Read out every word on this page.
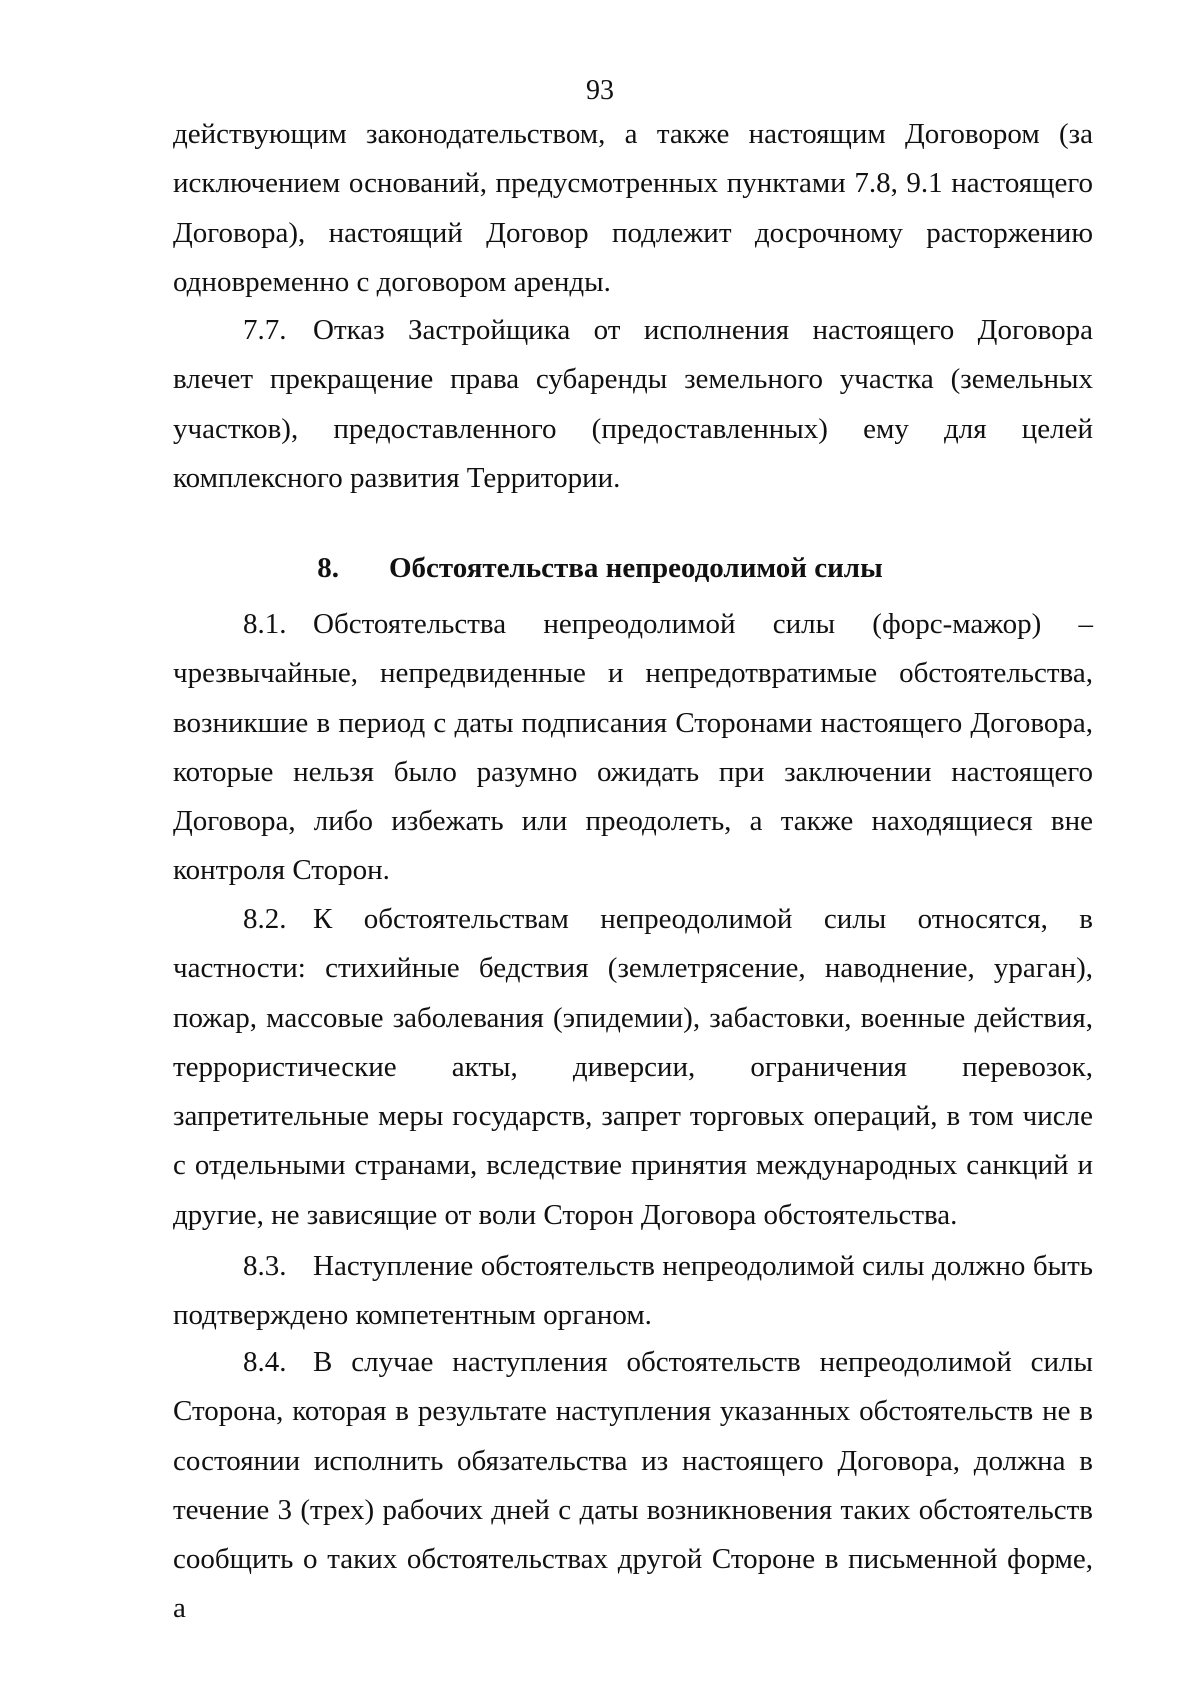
93

действующим законодательством, а также настоящим Договором (за исключением оснований, предусмотренных пунктами 7.8, 9.1 настоящего Договора), настоящий Договор подлежит досрочному расторжению одновременно с договором аренды.

7.7. Отказ Застройщика от исполнения настоящего Договора влечет прекращение права субаренды земельного участка (земельных участков), предоставленного (предоставленных) ему для целей комплексного развития Территории.

8. Обстоятельства непреодолимой силы

8.1. Обстоятельства непреодолимой силы (форс-мажор) – чрезвычайные, непредвиденные и непредотвратимые обстоятельства, возникшие в период с даты подписания Сторонами настоящего Договора, которые нельзя было разумно ожидать при заключении настоящего Договора, либо избежать или преодолеть, а также находящиеся вне контроля Сторон.

8.2. К обстоятельствам непреодолимой силы относятся, в частности: стихийные бедствия (землетрясение, наводнение, ураган), пожар, массовые заболевания (эпидемии), забастовки, военные действия, террористические акты, диверсии, ограничения перевозок, запретительные меры государств, запрет торговых операций, в том числе с отдельными странами, вследствие принятия международных санкций и другие, не зависящие от воли Сторон Договора обстоятельства.

8.3. Наступление обстоятельств непреодолимой силы должно быть подтверждено компетентным органом.

8.4. В случае наступления обстоятельств непреодолимой силы Сторона, которая в результате наступления указанных обстоятельств не в состоянии исполнить обязательства из настоящего Договора, должна в течение 3 (трех) рабочих дней с даты возникновения таких обстоятельств сообщить о таких обстоятельствах другой Стороне в письменной форме, а
